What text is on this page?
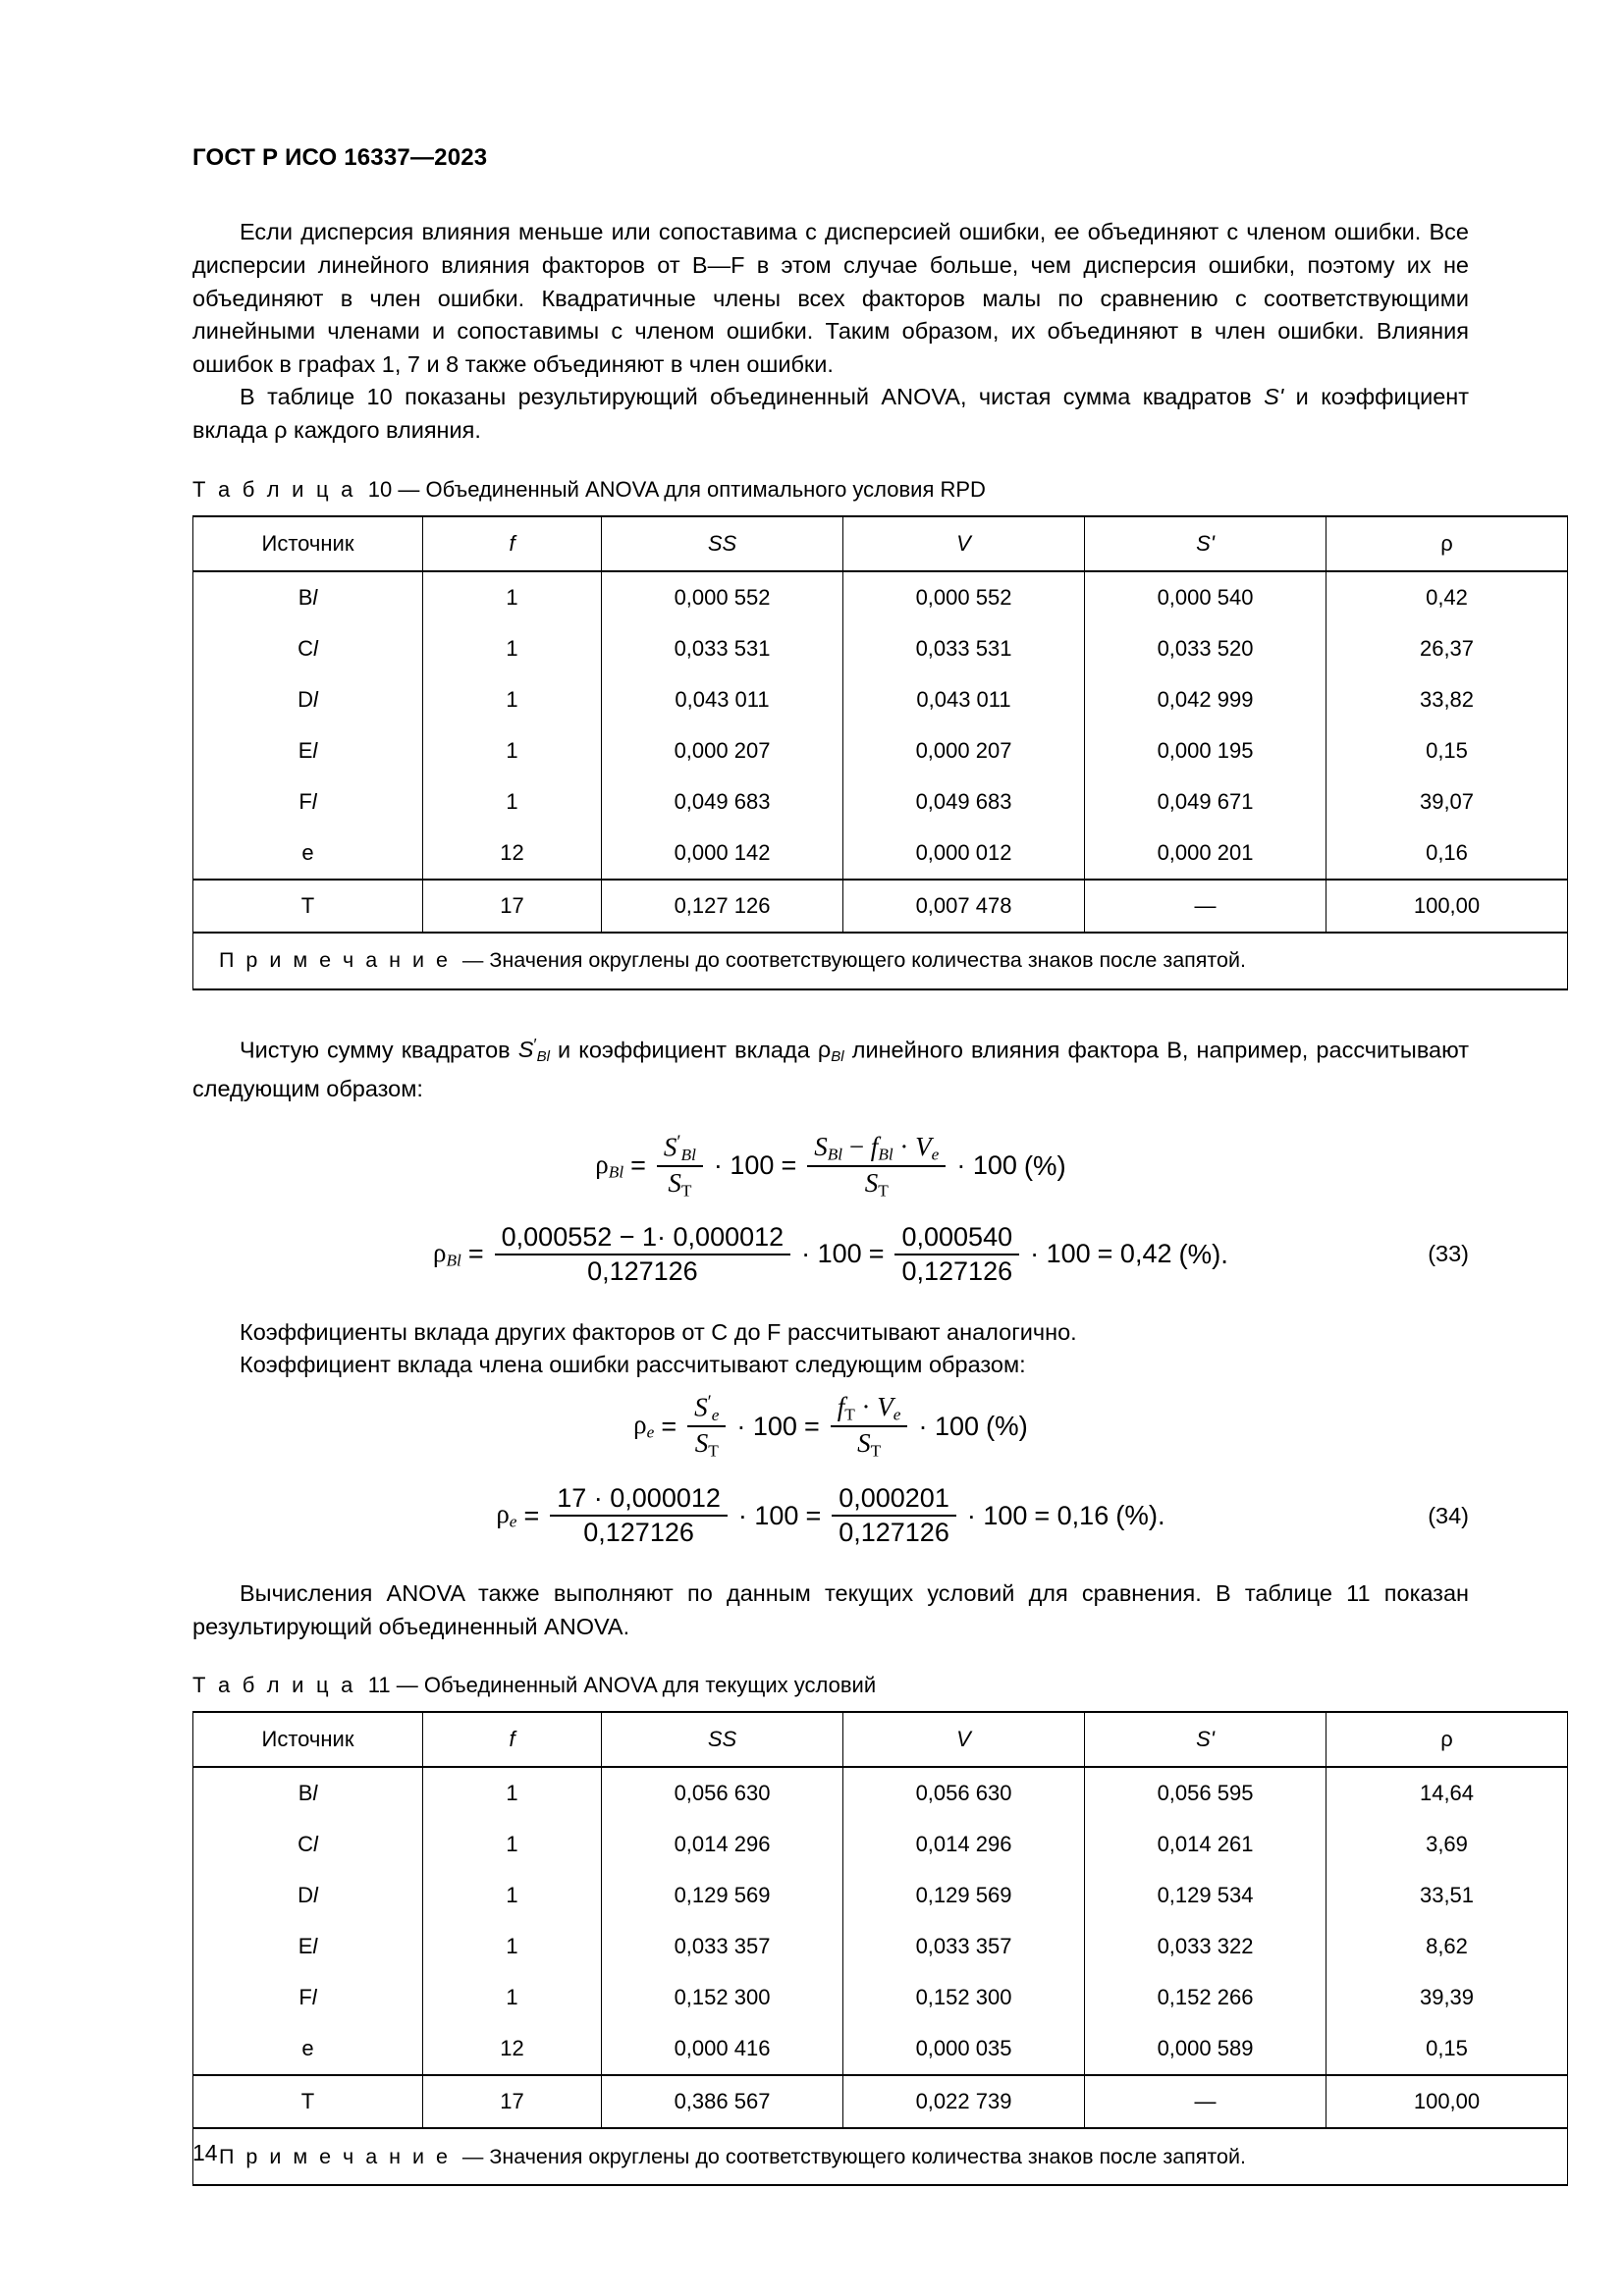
ГОСТ Р ИСО 16337—2023

Если дисперсия влияния меньше или сопоставима с дисперсией ошибки, ее объединяют с членом ошибки. Все дисперсии линейного влияния факторов от B—F в этом случае больше, чем дисперсия ошибки, поэтому их не объединяют в член ошибки. Квадратичные члены всех факторов малы по сравнению с соответствующими линейными членами и сопоставимы с членом ошибки. Таким образом, их объединяют в член ошибки. Влияния ошибок в графах 1, 7 и 8 также объединяют в член ошибки.

В таблице 10 показаны результирующий объединенный ANOVA, чистая сумма квадратов S' и коэффициент вклада ρ каждого влияния.

Т а б л и ц а 10 — Объединенный ANOVA для оптимального условия RPD
Источник	f	SS	V	S'	ρ
Bl	1	0,000 552	0,000 552	0,000 540	0,42
Cl	1	0,033 531	0,033 531	0,033 520	26,37
Dl	1	0,043 011	0,043 011	0,042 999	33,82
El	1	0,000 207	0,000 207	0,000 195	0,15
Fl	1	0,049 683	0,049 683	0,049 671	39,07
e	12	0,000 142	0,000 012	0,000 201	0,16
T	17	0,127 126	0,007 478	—	100,00
П р и м е ч а н и е — Значения округлены до соответствующего количества знаков после запятой.					

Чистую сумму квадратов $S'_{Bl}$ и коэффициент вклада $\rho_{Bl}$ линейного влияния фактора B, например, рассчитывают следующим образом:

$\rho_{Bl} = \frac{S'_{Bl}}{S_T} \cdot 100 = \frac{S_{Bl} - f_{Bl} \cdot V_e}{S_T} \cdot 100$ (%)
$\rho_{Bl} = \frac{0,000552 - 1\cdot 0,000012}{0,127126} \cdot 100 = \frac{0,000540}{0,127126} \cdot 100 = 0,42$ (%).	(33)

Коэффициенты вклада других факторов от C до F рассчитывают аналогично.

Коэффициент вклада члена ошибки рассчитывают следующим образом:

$\rho_e = \frac{S'_e}{S_T} \cdot 100 = \frac{f_T \cdot V_e}{S_T} \cdot 100$ (%)
$\rho_e = \frac{17 \cdot 0,000012}{0,127126} \cdot 100 = \frac{0,000201}{0,127126} \cdot 100 = 0,16$ (%).	(34)

Вычисления ANOVA также выполняют по данным текущих условий для сравнения. В таблице 11 показан результирующий объединенный ANOVA.

Т а б л и ц а 11 — Объединенный ANOVA для текущих условий
Источник	f	SS	V	S'	ρ
Bl	1	0,056 630	0,056 630	0,056 595	14,64
Cl	1	0,014 296	0,014 296	0,014 261	3,69
Dl	1	0,129 569	0,129 569	0,129 534	33,51
El	1	0,033 357	0,033 357	0,033 322	8,62
Fl	1	0,152 300	0,152 300	0,152 266	39,39
e	12	0,000 416	0,000 035	0,000 589	0,15
T	17	0,386 567	0,022 739	—	100,00
П р и м е ч а н и е — Значения округлены до соответствующего количества знаков после запятой.					
14
